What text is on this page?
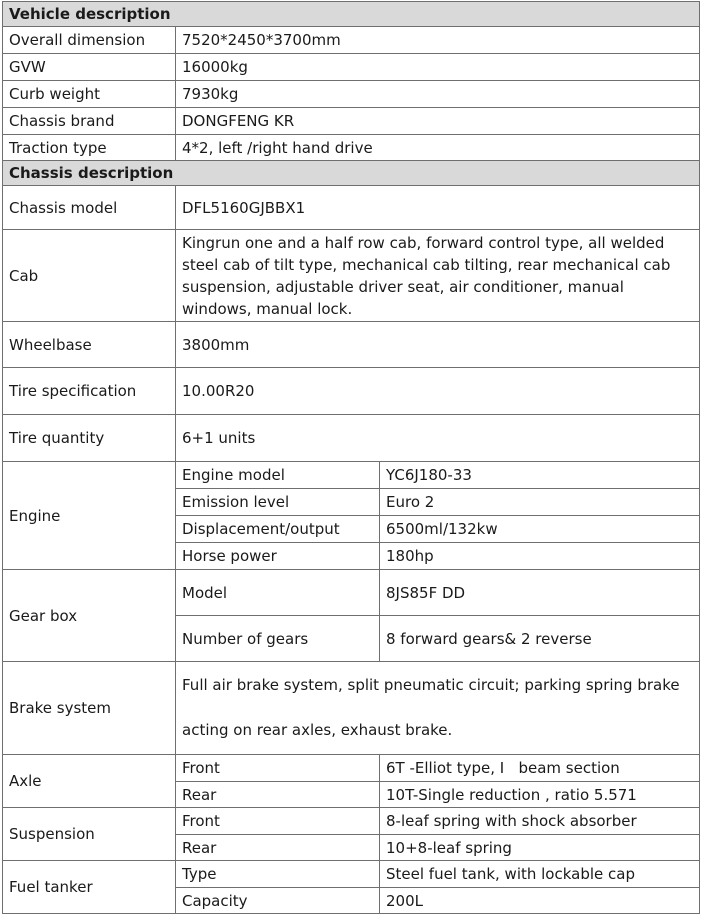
Vehicle description		
Overall dimension	7520*2450*3700mm	
GVW	16000kg	
Curb weight	7930kg	
Chassis brand	DONGFENG KR	
Traction type	4*2, left /right hand drive	
Chassis description		
Chassis model	DFL5160GJBBX1	
Cab	Kingrun one and a half row cab, forward control type, all welded steel cab of tilt type, mechanical cab tilting, rear mechanical cab suspension, adjustable driver seat, air conditioner, manual windows, manual lock.	
Wheelbase	3800mm	
Tire specification	10.00R20	
Tire quantity	6+1 units	
Engine	Engine model	YC6J180-33
	Emission level	Euro 2
	Displacement/output	6500ml/132kw
	Horse power	180hp
Gear box	Model	8JS85F DD
	Number of gears	8 forward gears& 2 reverse
Brake system	Full air brake system, split pneumatic circuit; parking spring brake acting on rear axles, exhaust brake.	
Axle	Front	6T -Elliot type, I   beam section
	Rear	10T-Single reduction , ratio 5.571
Suspension	Front	8-leaf spring with shock absorber
	Rear	10+8-leaf spring
Fuel tanker	Type	Steel fuel tank, with lockable cap
	Capacity	200L
